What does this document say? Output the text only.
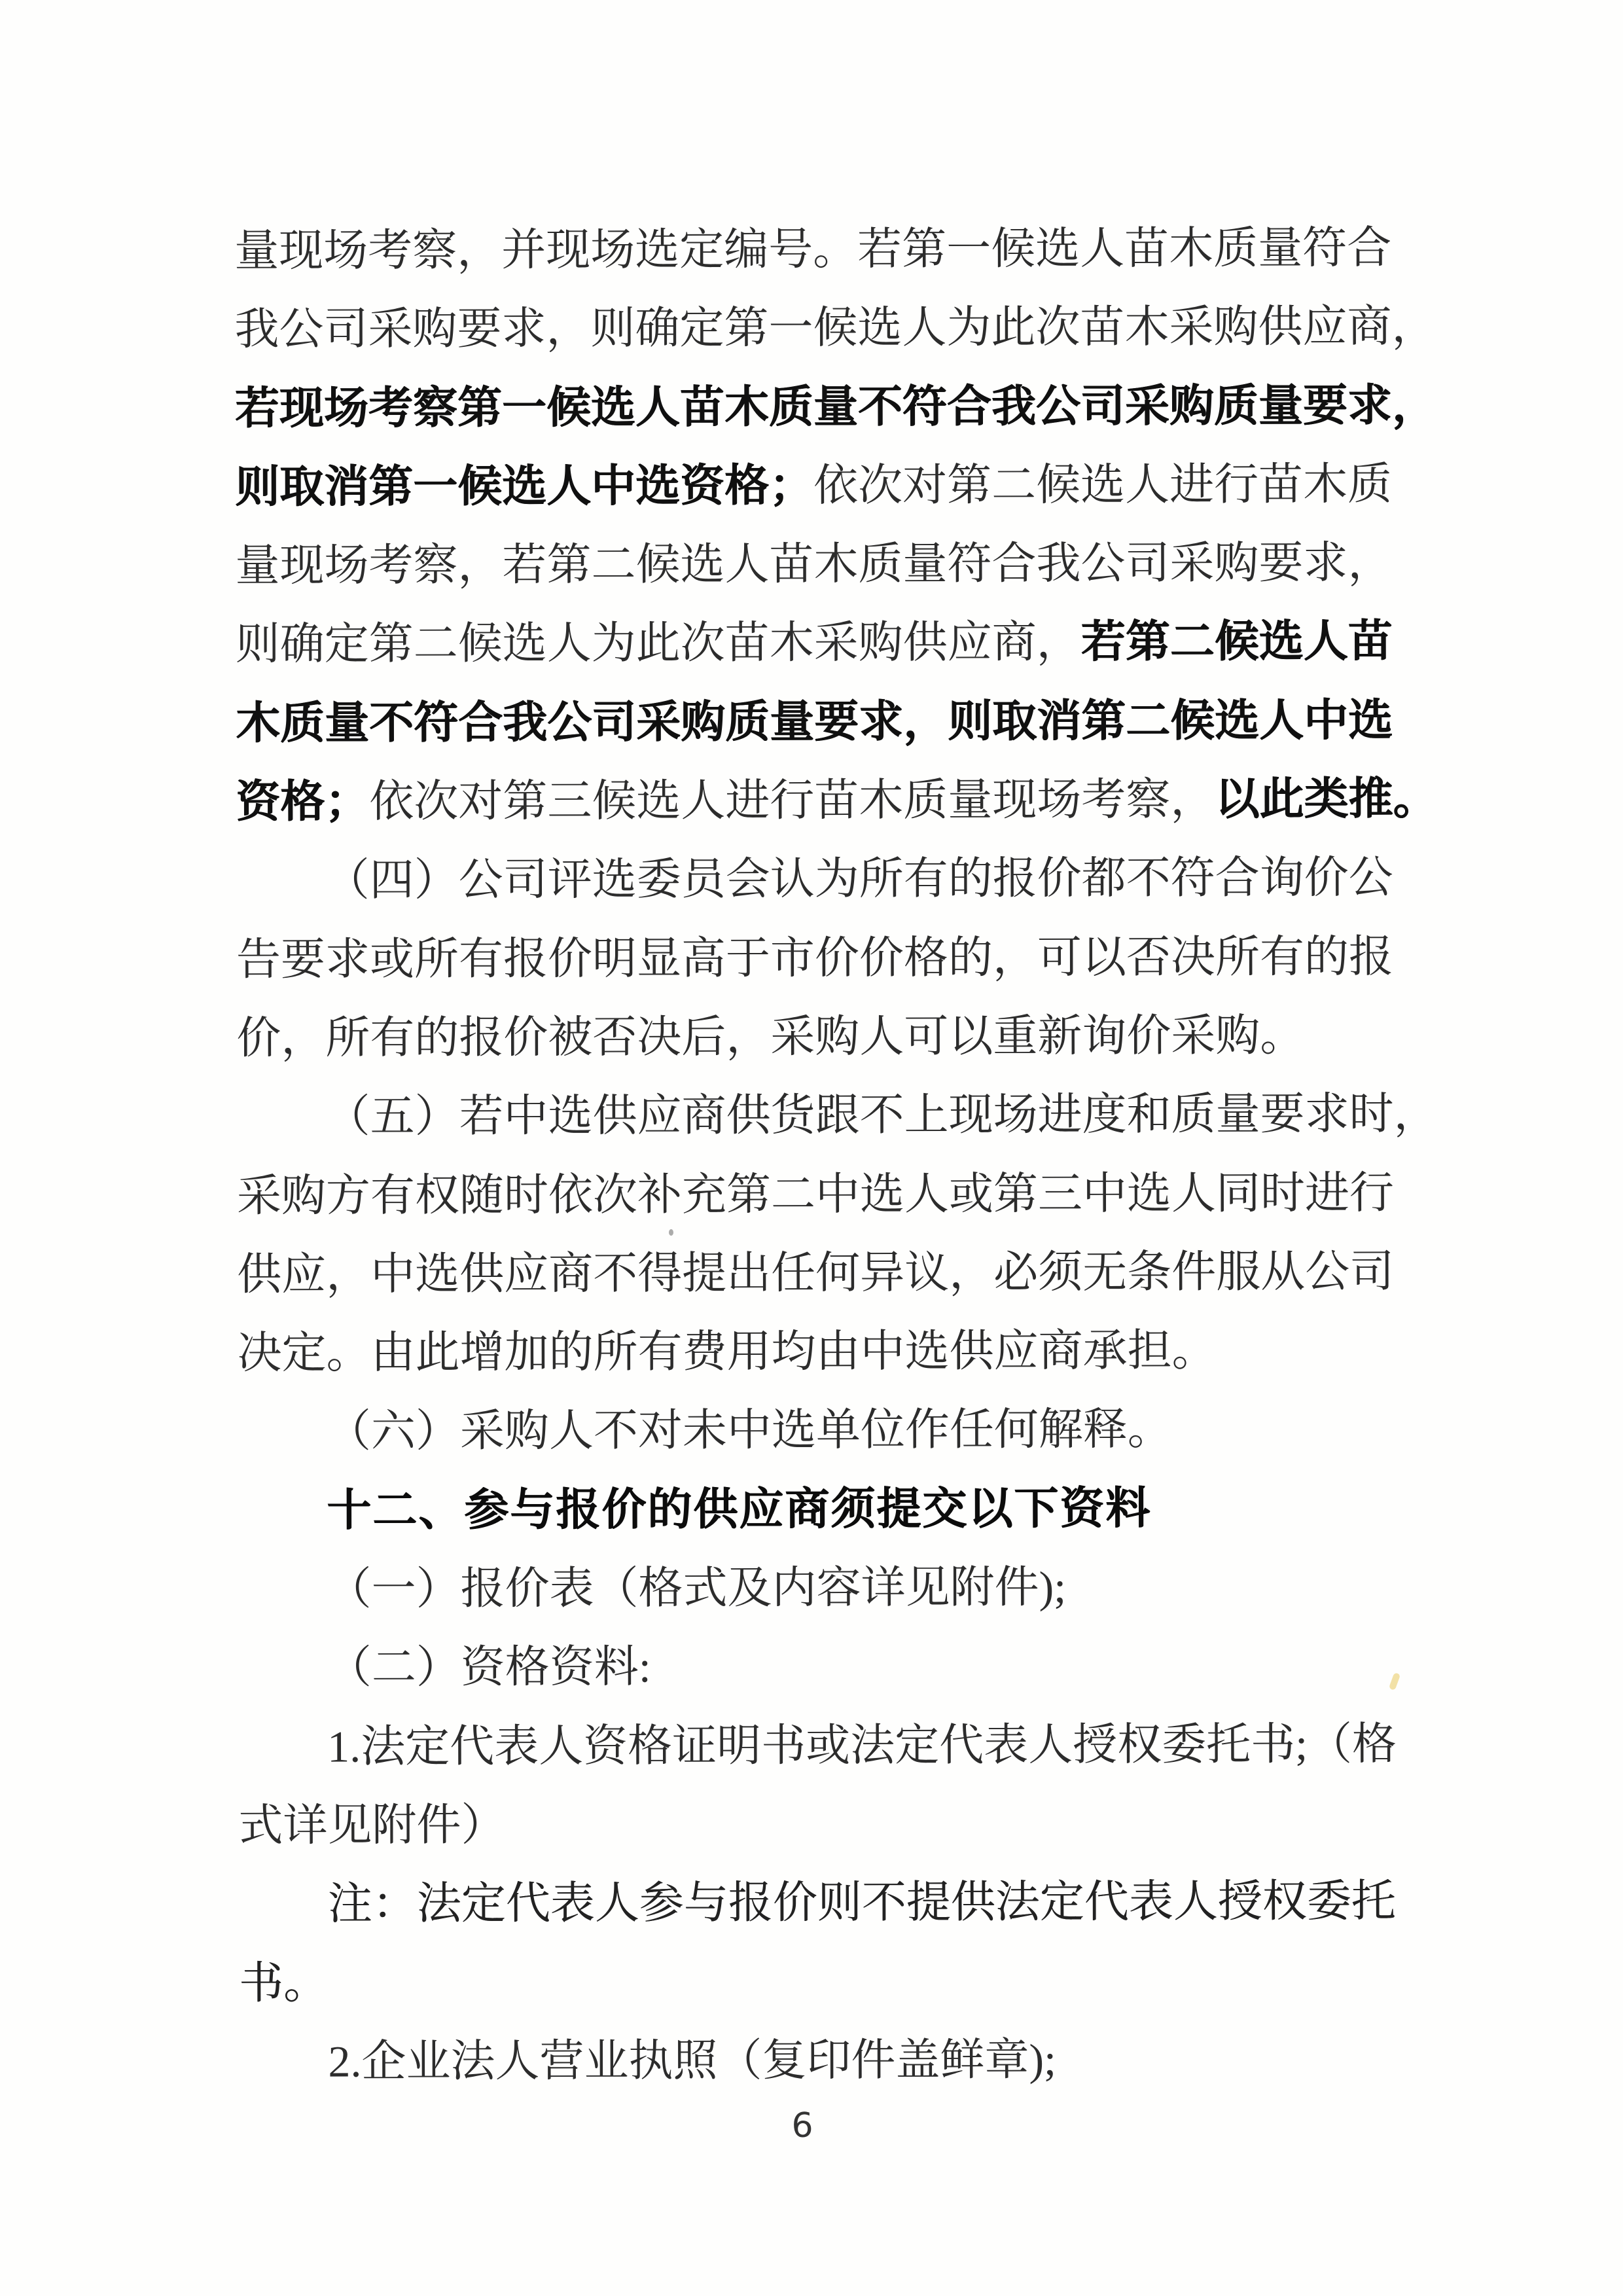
量现场考察，并现场选定编号。若第一候选人苗木质量符合
我公司采购要求，则确定第一候选人为此次苗木采购供应商，
若现场考察第一候选人苗木质量不符合我公司采购质量要求，
则取消第一候选人中选资格；依次对第二候选人进行苗木质
量现场考察，若第二候选人苗木质量符合我公司采购要求，
则确定第二候选人为此次苗木采购供应商，若第二候选人苗
木质量不符合我公司采购质量要求，则取消第二候选人中选
资格；依次对第三候选人进行苗木质量现场考察，以此类推。
（四）公司评选委员会认为所有的报价都不符合询价公
告要求或所有报价明显高于市价价格的，可以否决所有的报
价，所有的报价被否决后，采购人可以重新询价采购。
（五）若中选供应商供货跟不上现场进度和质量要求时，
采购方有权随时依次补充第二中选人或第三中选人同时进行
供应，中选供应商不得提出任何异议，必须无条件服从公司
决定。由此增加的所有费用均由中选供应商承担。
（六）采购人不对未中选单位作任何解释。
十二、参与报价的供应商须提交以下资料
（一）报价表（格式及内容详见附件);
（二）资格资料:
1.法定代表人资格证明书或法定代表人授权委托书;（格
式详见附件）
注：法定代表人参与报价则不提供法定代表人授权委托
书。
2.企业法人营业执照（复印件盖鲜章);
6
